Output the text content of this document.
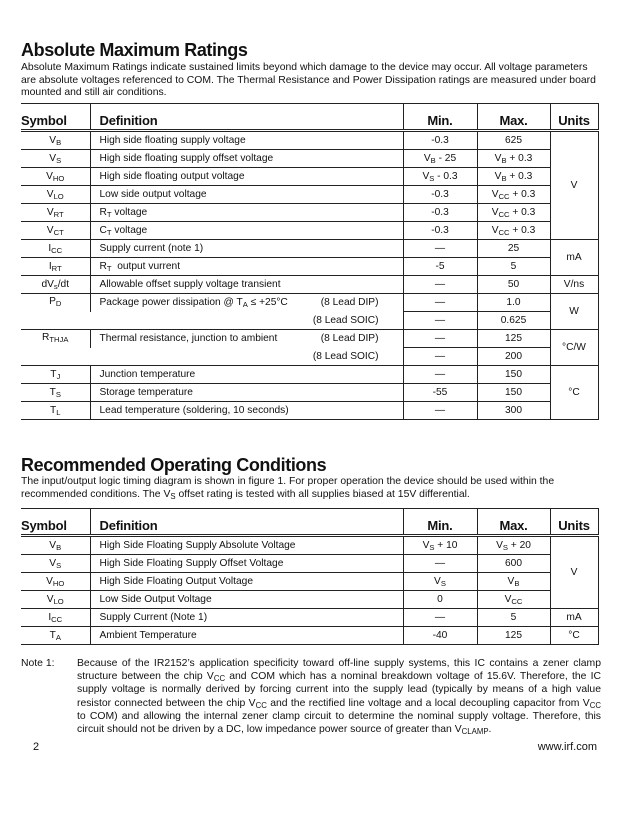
Absolute Maximum Ratings
Absolute Maximum Ratings indicate sustained limits beyond which damage to the device may occur. All voltage parameters are absolute voltages referenced to COM. The Thermal Resistance and Power Dissipation ratings are measured under board mounted and still air conditions.
Symbol	Definition	Min.	Max.	Units
$V_B$	High side floating supply voltage	-0.3	625	V
$V_S$	High side floating supply offset voltage	$V_B - 25$	$V_B + 0.3$	
$V_{HO}$	High side floating output voltage	$V_S - 0.3$	$V_B + 0.3$	
$V_{LO}$	Low side output voltage	-0.3	$V_{CC} + 0.3$	
$V_{RT}$	$R_T$ voltage	-0.3	$V_{CC} + 0.3$	
$V_{CT}$	$C_T$ voltage	-0.3	$V_{CC} + 0.3$	
$I_{CC}$	Supply current (note 1)	—	25	mA
$I_{RT}$	$R_T$  output vurrent	-5	5	
$dV_s/dt$	Allowable offset supply voltage transient	—	50	V/ns
$P_D$	Package power dissipation @ $T_A \le +25^\circ C$ (8 Lead DIP)	—	1.0	W
	(8 Lead SOIC)	—	0.625	
$R_{THJA}$	Thermal resistance, junction to ambient (8 Lead DIP)	—	125	°C/W
	(8 Lead SOIC)	—	200	
$T_J$	Junction temperature	—	150	°C
$T_S$	Storage temperature	-55	150	
$T_L$	Lead temperature (soldering, 10 seconds)	—	300	
Recommended Operating Conditions
The input/output logic timing diagram is shown in figure 1. For proper operation the device should be used within the recommended conditions. The $V_S$ offset rating is tested with all supplies biased at 15V differential.
Symbol	Definition	Min.	Max.	Units
$V_B$	High Side Floating Supply Absolute Voltage	$V_S + 10$	$V_S + 20$	V
$V_S$	High Side Floating Supply Offset Voltage	—	600	
$V_{HO}$	High Side Floating Output Voltage	$V_S$	$V_B$
$V_{LO}$	Low Side Output Voltage	0	$V_{CC}$
$I_{CC}$	Supply Current (Note 1)	—	5	mA
$T_A$	Ambient Temperature	-40	125	°C
Note 1:	Because of the IR2152’s application specificity toward off-line supply systems, this IC contains a zener clamp structure between the chip $V_{CC}$ and COM which has a nominal breakdown voltage of 15.6V. Therefore, the IC supply voltage is normally derived by forcing current into the supply lead (typically by means of a high value resistor connected between the chip $V_{CC}$ and the rectified line voltage and a local decoupling capacitor from $V_{CC}$ to COM) and allowing the internal zener clamp circuit to determine the nominal supply voltage. Therefore, this circuit should not be driven by a DC, low impedance power source of greater than $V_{CLAMP}$.
2	www.irf.com
